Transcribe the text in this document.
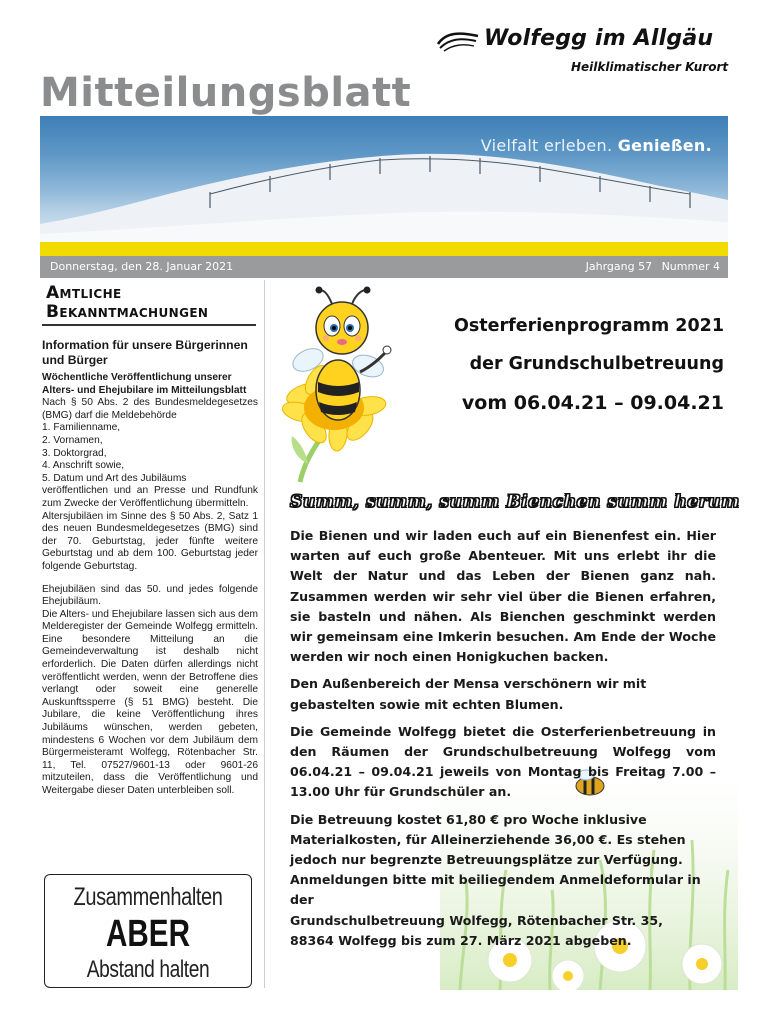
Wolfegg im Allgäu
Heilklimatischer Kurort
Mitteilungsblatt
Vielfalt erleben. Genießen.
Donnerstag, den 28. Januar 2021	Jahrgang 57 Nummer 4
Amtliche
Bekanntmachungen
Information für unsere Bürgerinnen und Bürger
Wöchentliche Veröffentlichung unserer Alters- und Ehejubilare im Mitteilungsblatt

Nach § 50 Abs. 2 des Bundesmeldegesetzes (BMG) darf die Meldebehörde

1. Familienname,
2. Vornamen,
3. Doktorgrad,
4. Anschrift sowie,
5. Datum und Art des Jubiläums

veröffentlichen und an Presse und Rundfunk zum Zwecke der Veröffentlichung übermitteln.

Altersjubiläen im Sinne des § 50 Abs. 2, Satz 1 des neuen Bundesmeldegesetzes (BMG) sind der 70. Geburtstag, jeder fünfte weitere Geburtstag und ab dem 100. Geburtstag jeder folgende Geburtstag.

Ehejubiläen sind das 50. und jedes folgende Ehejubiläum.

Die Alters- und Ehejubilare lassen sich aus dem Melderegister der Gemeinde Wolfegg ermitteln. Eine besondere Mitteilung an die Gemeindeverwaltung ist deshalb nicht erforderlich. Die Daten dürfen allerdings nicht veröffentlicht werden, wenn der Betroffene dies verlangt oder soweit eine generelle Auskunftssperre (§ 51 BMG) besteht. Die Jubilare, die keine Veröffentlichung ihres Jubiläums wünschen, werden gebeten, mindestens 6 Wochen vor dem Jubiläum dem Bürgermeisteramt Wolfegg, Rötenbacher Str. 11, Tel. 07527/9601-13 oder 9601-26 mitzuteilen, dass die Veröffentlichung und Weitergabe dieser Daten unterbleiben soll.

Zusammenhalten
ABER
Abstand halten
Osterferienprogramm 2021
der Grundschulbetreuung
vom 06.04.21 – 09.04.21
Summ, summ, summ Bienchen summ herum

Die Bienen und wir laden euch auf ein Bienenfest ein. Hier warten auf euch große Abenteuer. Mit uns erlebt ihr die Welt der Natur und das Leben der Bienen ganz nah. Zusammen werden wir sehr viel über die Bienen erfahren, sie basteln und nähen. Als Bienchen geschminkt werden wir gemeinsam eine Imkerin besuchen. Am Ende der Woche werden wir noch einen Honigkuchen backen.

Den Außenbereich der Mensa verschönern wir mit gebastelten sowie mit echten Blumen.

Die Gemeinde Wolfegg bietet die Osterferienbetreuung in den Räumen der Grundschulbetreuung Wolfegg vom 06.04.21 – 09.04.21 jeweils von Montag bis Freitag 7.00 – 13.00 Uhr für Grundschüler an.

Die Betreuung kostet 61,80 € pro Woche inklusive
Materialkosten, für Alleinerziehende 36,00 €. Es stehen
jedoch nur begrenzte Betreuungsplätze zur Verfügung.
Anmeldungen bitte mit beiliegendem Anmeldeformular in der
Grundschulbetreuung Wolfegg, Rötenbacher Str. 35,
88364 Wolfegg bis zum 27. März 2021 abgeben.
